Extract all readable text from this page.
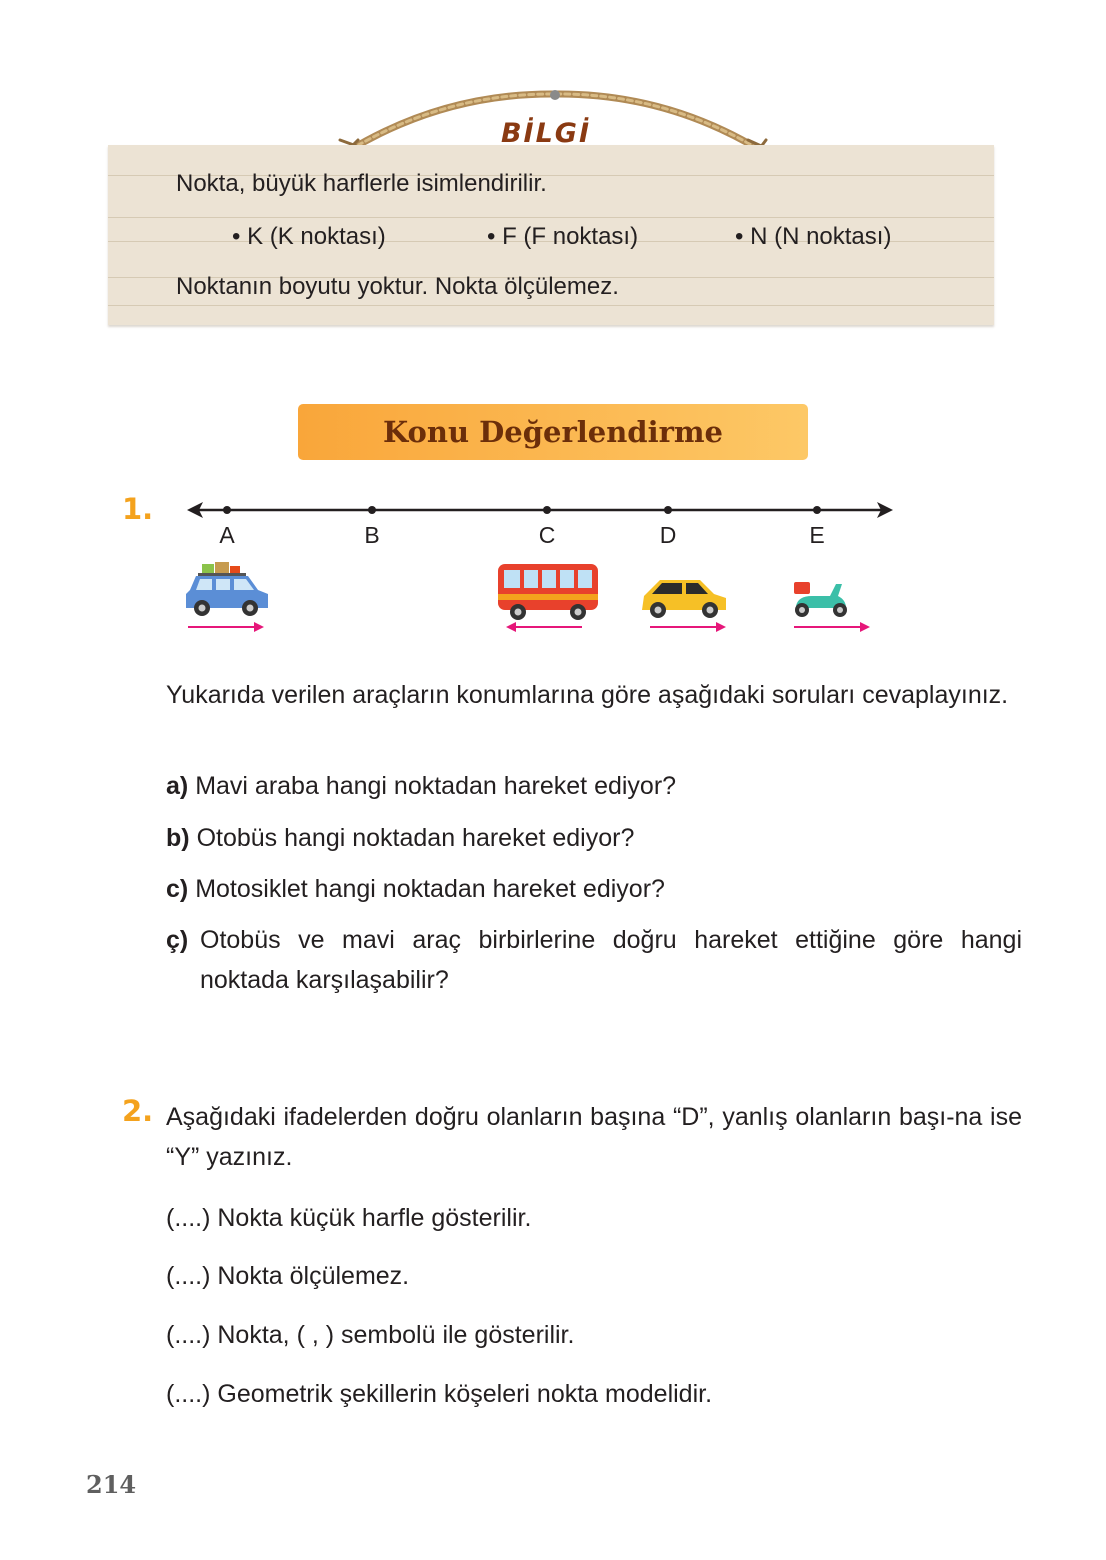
BİLGİ
Nokta, büyük harflerle isimlendirilir.
• K (K noktası)	• F (F noktası)	• N (N noktası)
Noktanın boyutu yoktur. Nokta ölçülemez.
Konu Değerlendirme
1.
A	B	C	D	E
Yukarıda verilen araçların konumlarına göre aşağıdaki soruları cevaplayınız.
a) Mavi araba hangi noktadan hareket ediyor?
b) Otobüs hangi noktadan hareket ediyor?
c) Motosiklet hangi noktadan hareket ediyor?
ç) Otobüs ve mavi araç birbirlerine doğru hareket ettiğine göre hangi noktada karşılaşabilir?
2. Aşağıdaki ifadelerden doğru olanların başına “D”, yanlış olanların başı-na ise “Y” yazınız.
(....) Nokta küçük harfle gösterilir.
(....) Nokta ölçülemez.
(....) Nokta, ( , ) sembolü ile gösterilir.
(....) Geometrik şekillerin köşeleri nokta modelidir.
214
